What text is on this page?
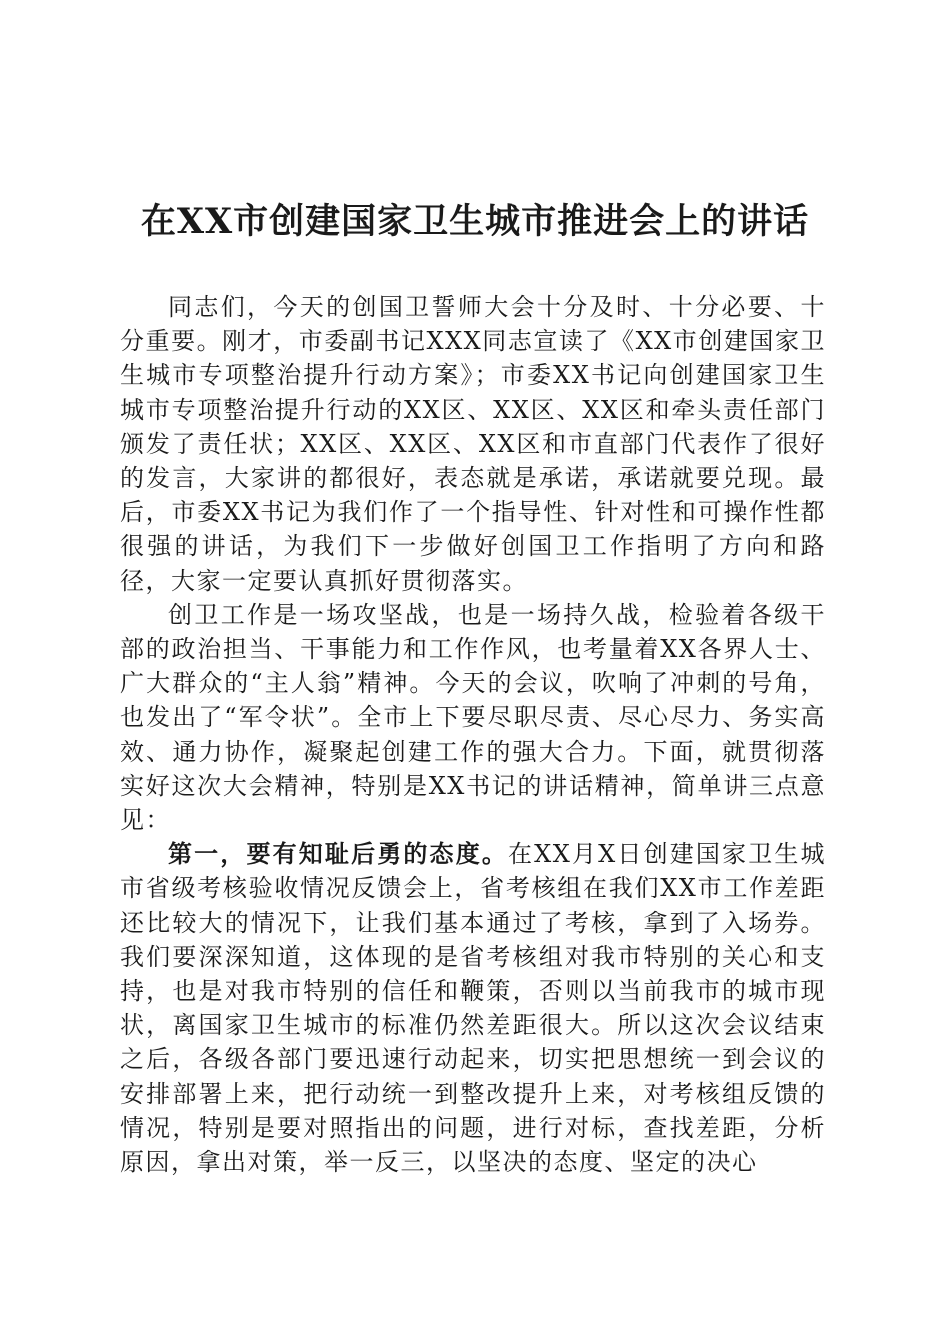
在XX市创建国家卫生城市推进会上的讲话

同志们，今天的创国卫誓师大会十分及时、十分必要、十分重要。刚才，市委副书记XXX同志宣读了《XX市创建国家卫生城市专项整治提升行动方案》；市委XX书记向创建国家卫生城市专项整治提升行动的XX区、XX区、XX区和牵头责任部门颁发了责任状；XX区、XX区、XX区和市直部门代表作了很好的发言，大家讲的都很好，表态就是承诺，承诺就要兑现。最后，市委XX书记为我们作了一个指导性、针对性和可操作性都很强的讲话，为我们下一步做好创国卫工作指明了方向和路径，大家一定要认真抓好贯彻落实。

创卫工作是一场攻坚战，也是一场持久战，检验着各级干部的政治担当、干事能力和工作作风，也考量着XX各界人士、广大群众的“主人翁”精神。今天的会议，吹响了冲刺的号角，也发出了“军令状”。全市上下要尽职尽责、尽心尽力、务实高效、通力协作，凝聚起创建工作的强大合力。下面，就贯彻落实好这次大会精神，特别是XX书记的讲话精神，简单讲三点意见：

第一，要有知耻后勇的态度。在XX月X日创建国家卫生城市省级考核验收情况反馈会上，省考核组在我们XX市工作差距还比较大的情况下，让我们基本通过了考核，拿到了入场券。我们要深深知道，这体现的是省考核组对我市特别的关心和支持，也是对我市特别的信任和鞭策，否则以当前我市的城市现状，离国家卫生城市的标准仍然差距很大。所以这次会议结束之后，各级各部门要迅速行动起来，切实把思想统一到会议的安排部署上来，把行动统一到整改提升上来，对考核组反馈的情况，特别是要对照指出的问题，进行对标，查找差距，分析原因，拿出对策，举一反三，以坚决的态度、坚定的决心
